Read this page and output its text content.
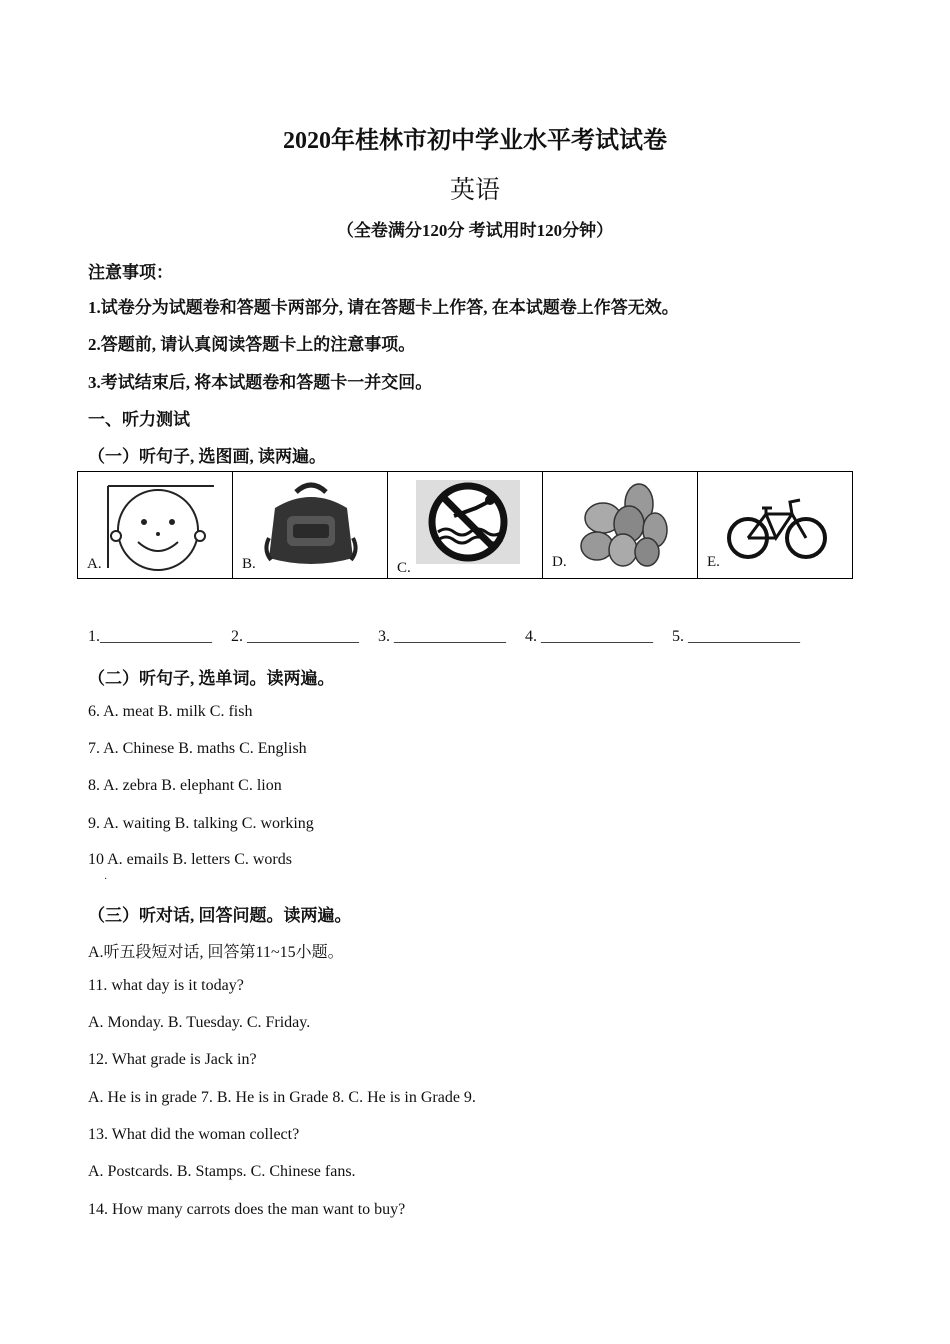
2020年桂林市初中学业水平考试试卷
英语
（全卷满分120分 考试用时120分钟）
注意事项：
1.试卷分为试题卷和答题卡两部分, 请在答题卡上作答, 在本试题卷上作答无效。
2.答题前, 请认真阅读答题卡上的注意事项。
3.考试结束后, 将本试题卷和答题卡一并交回。
一、听力测试
（一）听句子, 选图画, 读两遍。
A.	B.	C.	D.	E.
1.______________ 2. ______________ 3. ______________ 4. ______________ 5. ______________
（二）听句子, 选单词。读两遍。
6. A. meat B. milk C. fish
7. A. Chinese B. maths C. English
8. A. zebra B. elephant C. lion
9. A. waiting B. talking C. working
10 A. emails B. letters C. words
·
（三）听对话, 回答问题。读两遍。
A.听五段短对话, 回答第11~15小题。
11. what day is it today?
A. Monday. B. Tuesday. C. Friday.
12. What grade is Jack in?
A. He is in grade 7. B. He is in Grade 8. C. He is in Grade 9.
13. What did the woman collect?
A. Postcards. B. Stamps. C. Chinese fans.
14. How many carrots does the man want to buy?
